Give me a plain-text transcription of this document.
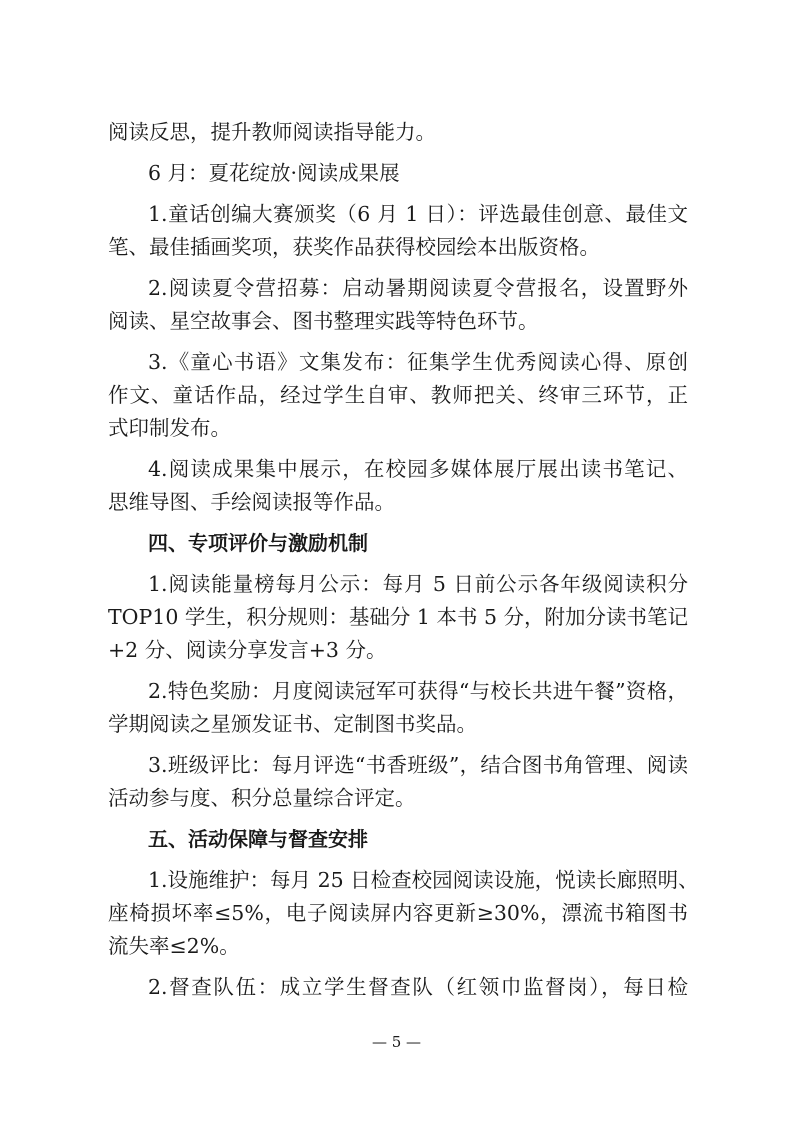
阅读反思，提升教师阅读指导能力。
6 月：夏花绽放·阅读成果展
1.童话创编大赛颁奖（6 月 1 日）：评选最佳创意、最佳文
笔、最佳插画奖项，获奖作品获得校园绘本出版资格。
2.阅读夏令营招募：启动暑期阅读夏令营报名，设置野外
阅读、星空故事会、图书整理实践等特色环节。
3.《童心书语》文集发布：征集学生优秀阅读心得、原创
作文、童话作品，经过学生自审、教师把关、终审三环节，正
式印制发布。
4.阅读成果集中展示，在校园多媒体展厅展出读书笔记、
思维导图、手绘阅读报等作品。
四、专项评价与激励机制
1.阅读能量榜每月公示：每月 5 日前公示各年级阅读积分
TOP10 学生，积分规则：基础分 1 本书 5 分，附加分读书笔记
+2 分、阅读分享发言+3 分。
2.特色奖励：月度阅读冠军可获得“与校长共进午餐”资格，
学期阅读之星颁发证书、定制图书奖品。
3.班级评比：每月评选“书香班级”，结合图书角管理、阅读
活动参与度、积分总量综合评定。
五、活动保障与督查安排
1.设施维护：每月 25 日检查校园阅读设施，悦读长廊照明、
座椅损坏率≤5%，电子阅读屏内容更新≥30%，漂流书箱图书
流失率≤2%。
2.督查队伍：成立学生督查队（红领巾监督岗），每日检
— 5 —
